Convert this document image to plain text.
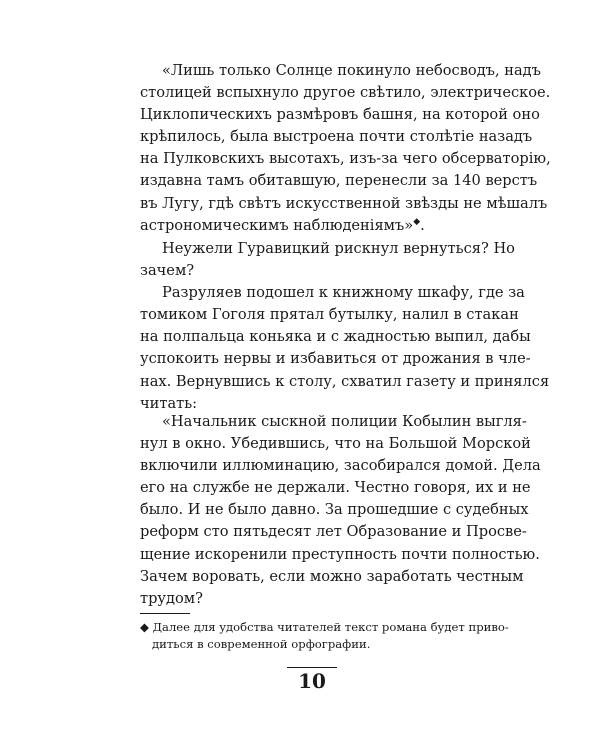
«Лишь только Солнце покинуло небосводъ, надъ
столицей вспыхнуло другое свѣтило, электрическое.
Циклопическихъ размѣровъ башня, на которой оно
крѣпилось, была выстроена почти столѣтіе назадъ
на Пулковскихъ высотахъ, изъ-за чего обсерваторію,
издавна тамъ обитавшую, перенесли за 140 верстъ
въ Лугу, гдѣ свѣтъ искусственной звѣзды не мѣшалъ
астрономическимъ наблюденіямъ»◆.
Неужели Гуравицкий рискнул вернуться? Но
зачем?
Разруляев подошел к книжному шкафу, где за
томиком Гоголя прятал бутылку, налил в стакан
на полпальца коньяка и с жадностью выпил, дабы
успокоить нервы и избавиться от дрожания в чле-
нах. Вернувшись к столу, схватил газету и принялся
читать:
«Начальник сыскной полиции Кобылин выгля-
нул в окно. Убедившись, что на Большой Морской
включили иллюминацию, засобирался домой. Дела
его на службе не держали. Честно говоря, их и не
было. И не было давно. За прошедшие с судебных
реформ сто пятьдесят лет Образование и Просве-
щение искоренили преступность почти полностью.
Зачем воровать, если можно заработать честным
трудом?
◆ Далее для удобства читателей текст романа будет приво-
диться в современной орфографии.
10
